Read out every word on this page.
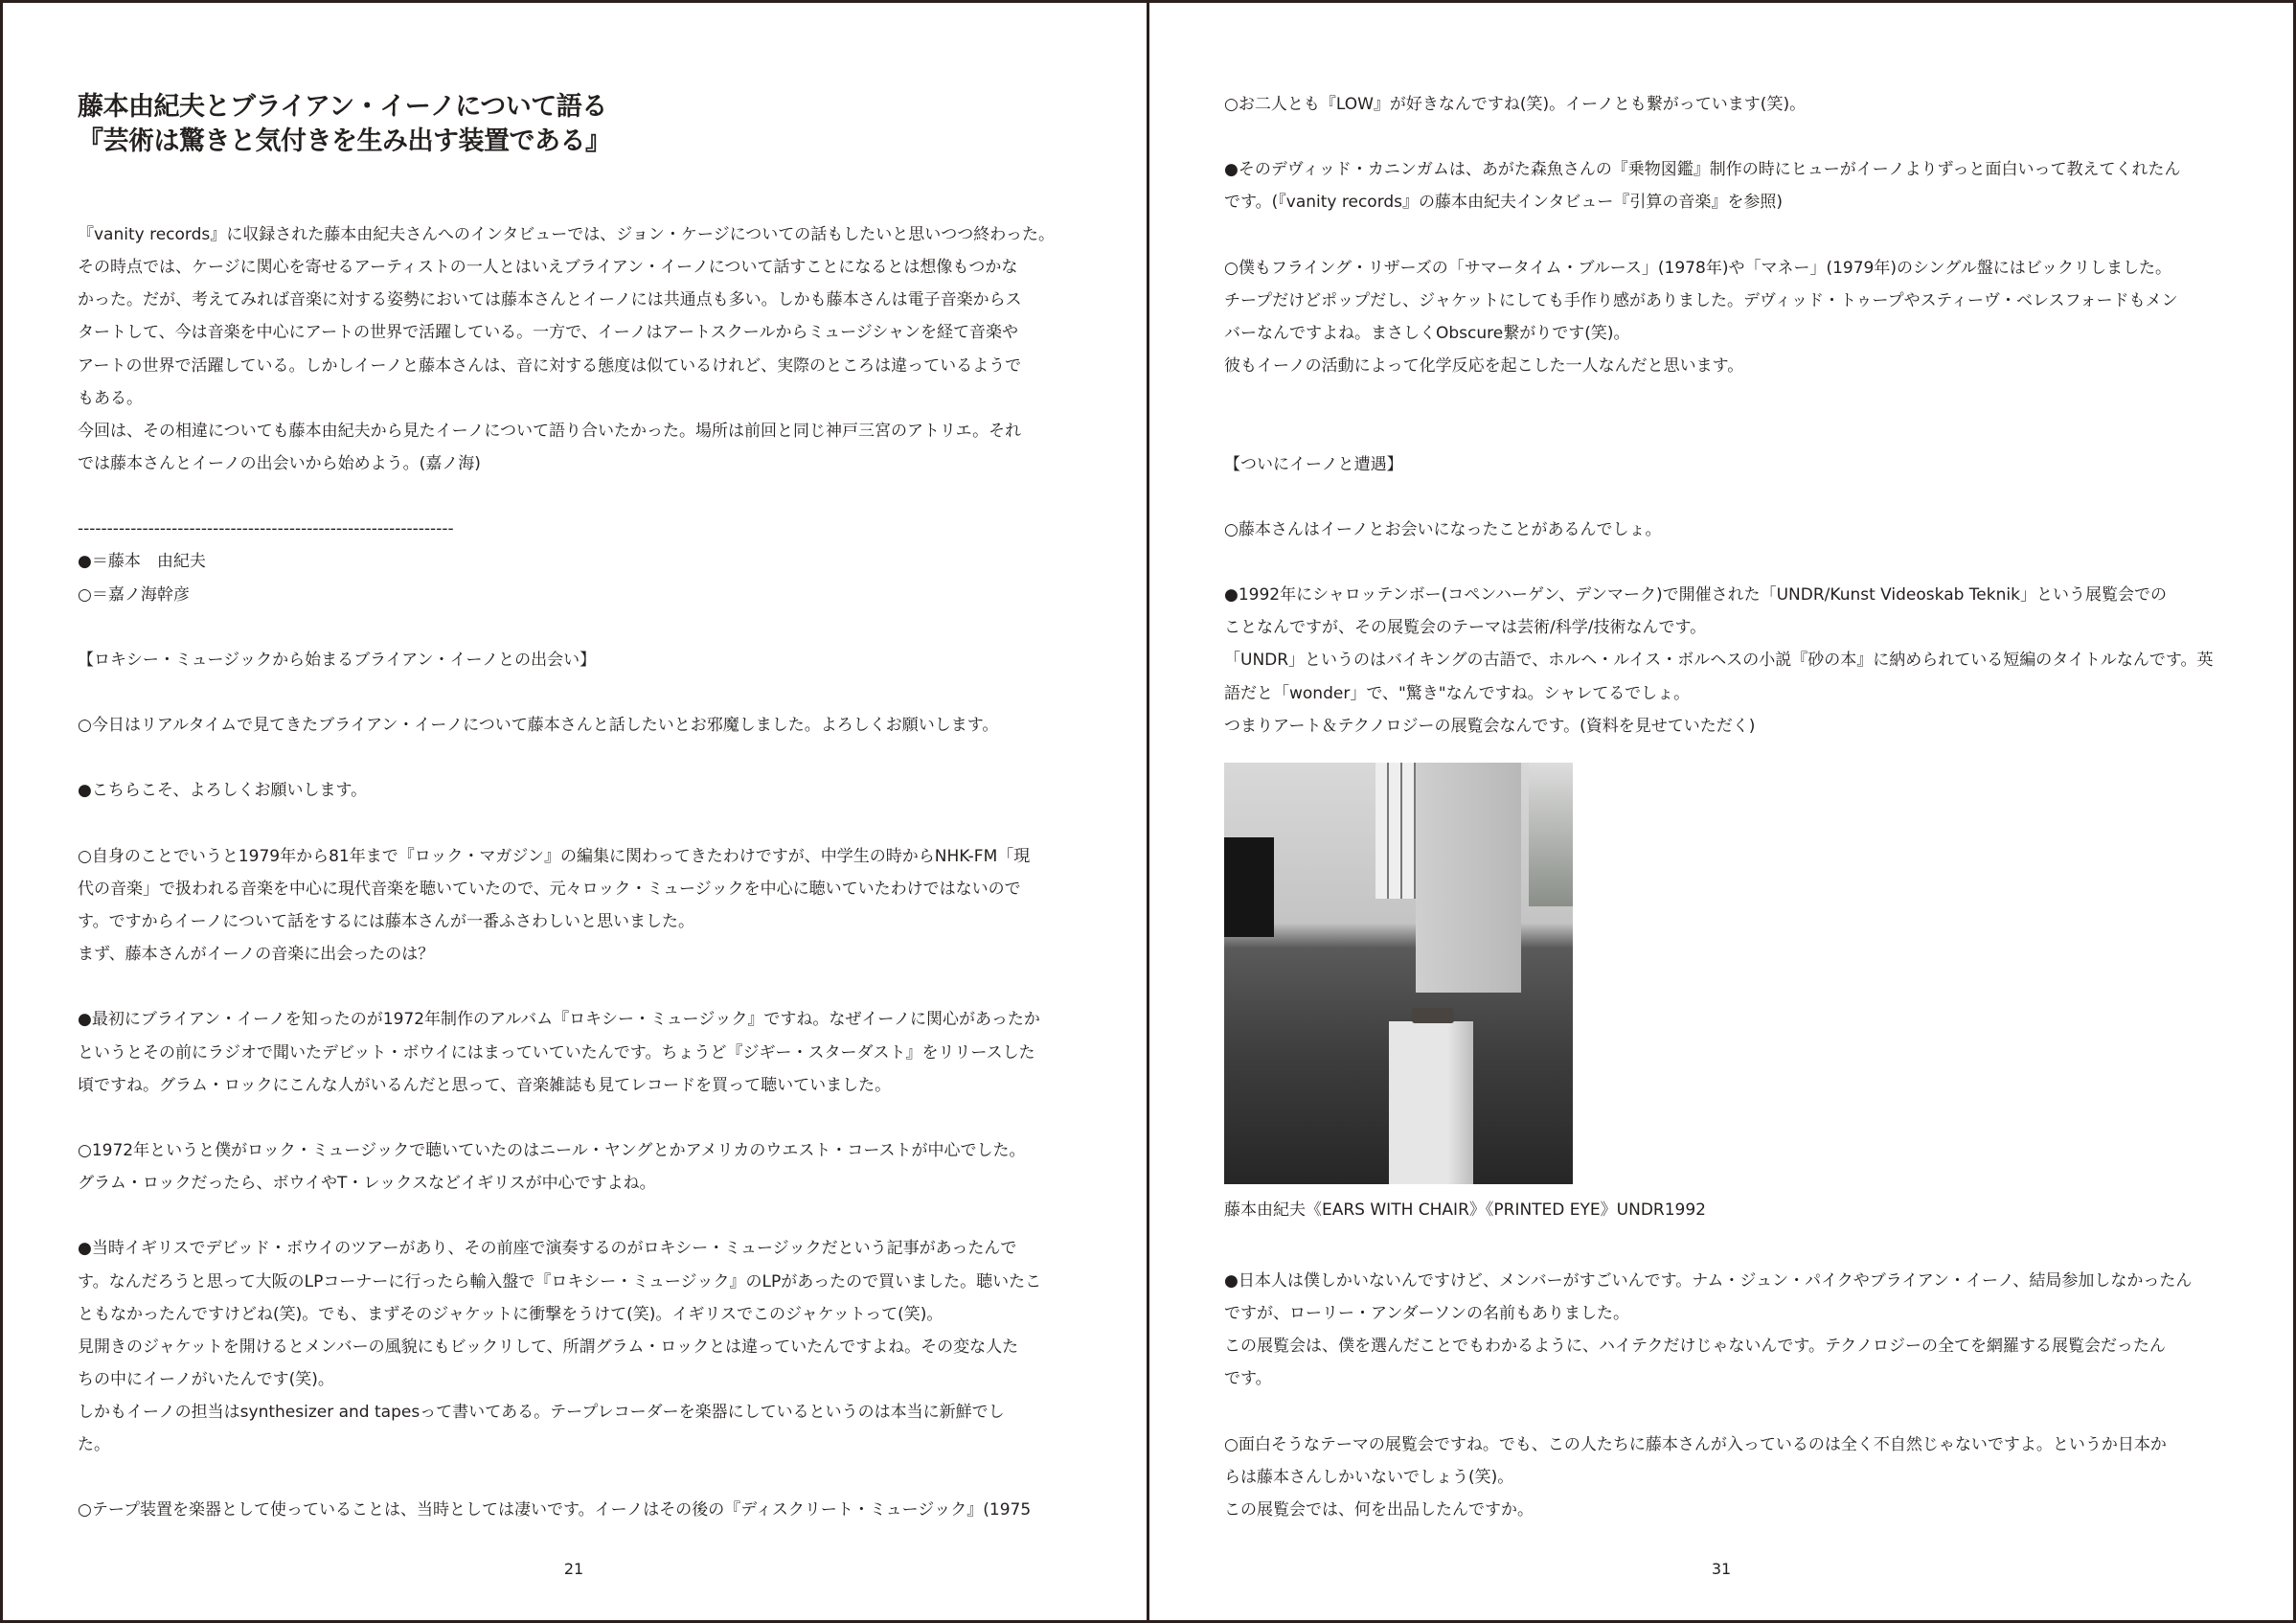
藤本由紀夫とブライアン・イーノについて語る
『芸術は驚きと気付きを生み出す装置である』
『vanity records』に収録された藤本由紀夫さんへのインタビューでは、ジョン・ケージについての話もしたいと思いつつ終わった。
その時点では、ケージに関心を寄せるアーティストの一人とはいえブライアン・イーノについて話すことになるとは想像もつかな
かった。だが、考えてみれば音楽に対する姿勢においては藤本さんとイーノには共通点も多い。しかも藤本さんは電子音楽からス
タートして、今は音楽を中心にアートの世界で活躍している。一方で、イーノはアートスクールからミュージシャンを経て音楽や
アートの世界で活躍している。しかしイーノと藤本さんは、音に対する態度は似ているけれど、実際のところは違っているようで
もある。
今回は、その相違についても藤本由紀夫から見たイーノについて語り合いたかった。場所は前回と同じ神戸三宮のアトリエ。それ
では藤本さんとイーノの出会いから始めよう。(嘉ノ海)
----------------------------------------------------------------
●＝藤本　由紀夫
○＝嘉ノ海幹彦
【ロキシー・ミュージックから始まるブライアン・イーノとの出会い】
○今日はリアルタイムで見てきたブライアン・イーノについて藤本さんと話したいとお邪魔しました。よろしくお願いします。
●こちらこそ、よろしくお願いします。
○自身のことでいうと1979年から81年まで『ロック・マガジン』の編集に関わってきたわけですが、中学生の時からNHK-FM「現
代の音楽」で扱われる音楽を中心に現代音楽を聴いていたので、元々ロック・ミュージックを中心に聴いていたわけではないので
す。ですからイーノについて話をするには藤本さんが一番ふさわしいと思いました。
まず、藤本さんがイーノの音楽に出会ったのは？
●最初にブライアン・イーノを知ったのが1972年制作のアルバム『ロキシー・ミュージック』ですね。なぜイーノに関心があったか
というとその前にラジオで聞いたデビット・ボウイにはまっていていたんです。ちょうど『ジギー・スターダスト』をリリースした
頃ですね。グラム・ロックにこんな人がいるんだと思って、音楽雑誌も見てレコードを買って聴いていました。
○1972年というと僕がロック・ミュージックで聴いていたのはニール・ヤングとかアメリカのウエスト・コーストが中心でした。
グラム・ロックだったら、ボウイやT・レックスなどイギリスが中心ですよね。
●当時イギリスでデビッド・ボウイのツアーがあり、その前座で演奏するのがロキシー・ミュージックだという記事があったんで
す。なんだろうと思って大阪のLPコーナーに行ったら輸入盤で『ロキシー・ミュージック』のLPがあったので買いました。聴いたこ
ともなかったんですけどね(笑)。でも、まずそのジャケットに衝撃をうけて(笑)。イギリスでこのジャケットって(笑)。
見開きのジャケットを開けるとメンバーの風貌にもビックリして、所謂グラム・ロックとは違っていたんですよね。その変な人た
ちの中にイーノがいたんです(笑)。
しかもイーノの担当はsynthesizer and tapesって書いてある。テープレコーダーを楽器にしているというのは本当に新鮮でし
た。
○テープ装置を楽器として使っていることは、当時としては凄いです。イーノはその後の『ディスクリート・ミュージック』(1975
21
○お二人とも『LOW』が好きなんですね(笑)。イーノとも繋がっています(笑)。
●そのデヴィッド・カニンガムは、あがた森魚さんの『乗物図鑑』制作の時にヒューがイーノよりずっと面白いって教えてくれたん
です。(『vanity records』の藤本由紀夫インタビュー『引算の音楽』を参照)
○僕もフライング・リザーズの「サマータイム・ブルース」(1978年)や「マネー」(1979年)のシングル盤にはビックリしました。
チープだけどポップだし、ジャケットにしても手作り感がありました。デヴィッド・トゥープやスティーヴ・ベレスフォードもメン
バーなんですよね。まさしくObscure繋がりです(笑)。
彼もイーノの活動によって化学反応を起こした一人なんだと思います。
【ついにイーノと遭遇】
○藤本さんはイーノとお会いになったことがあるんでしょ。
●1992年にシャロッテンボー(コペンハーゲン、デンマーク)で開催された「UNDR/Kunst Videoskab Teknik」という展覧会での
ことなんですが、その展覧会のテーマは芸術/科学/技術なんです。
「UNDR」というのはバイキングの古語で、ホルヘ・ルイス・ボルヘスの小説『砂の本』に納められている短編のタイトルなんです。英
語だと「wonder」で、"驚き"なんですね。シャレてるでしょ。
つまりアート＆テクノロジーの展覧会なんです。(資料を見せていただく)
藤本由紀夫《EARS WITH CHAIR》《PRINTED EYE》UNDR1992
●日本人は僕しかいないんですけど、メンバーがすごいんです。ナム・ジュン・パイクやブライアン・イーノ、結局参加しなかったん
ですが、ローリー・アンダーソンの名前もありました。
この展覧会は、僕を選んだことでもわかるように、ハイテクだけじゃないんです。テクノロジーの全てを網羅する展覧会だったん
です。
○面白そうなテーマの展覧会ですね。でも、この人たちに藤本さんが入っているのは全く不自然じゃないですよ。というか日本か
らは藤本さんしかいないでしょう(笑)。
この展覧会では、何を出品したんですか。
31
